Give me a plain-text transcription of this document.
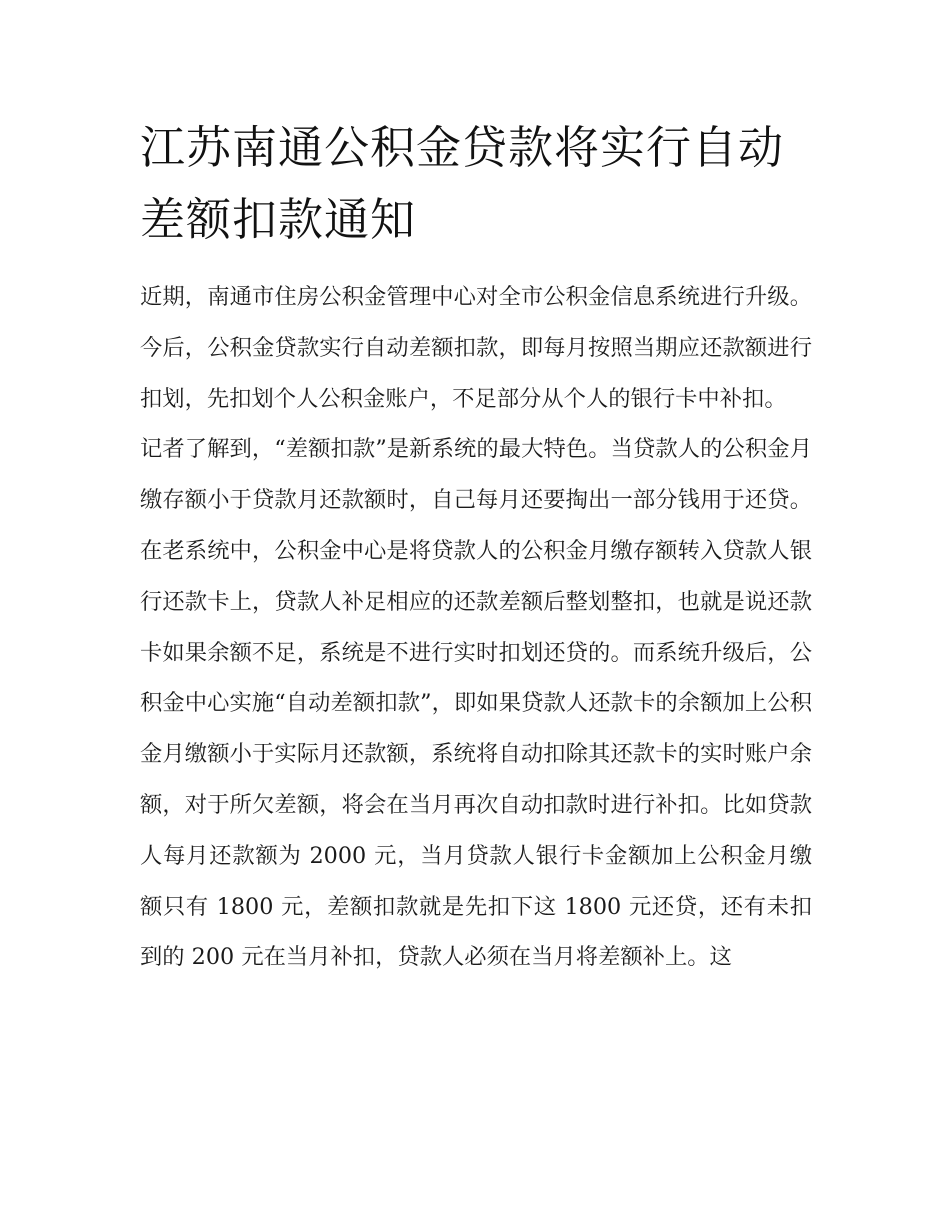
江苏南通公积金贷款将实行自动差额扣款通知

近期，南通市住房公积金管理中心对全市公积金信息系统进行升级。今后，公积金贷款实行自动差额扣款，即每月按照当期应还款额进行扣划，先扣划个人公积金账户，不足部分从个人的银行卡中补扣。

记者了解到，“差额扣款”是新系统的最大特色。当贷款人的公积金月缴存额小于贷款月还款额时，自己每月还要掏出一部分钱用于还贷。在老系统中，公积金中心是将贷款人的公积金月缴存额转入贷款人银行还款卡上，贷款人补足相应的还款差额后整划整扣，也就是说还款卡如果余额不足，系统是不进行实时扣划还贷的。而系统升级后，公积金中心实施“自动差额扣款”，即如果贷款人还款卡的余额加上公积金月缴额小于实际月还款额，系统将自动扣除其还款卡的实时账户余额，对于所欠差额，将会在当月再次自动扣款时进行补扣。比如贷款人每月还款额为 2000 元，当月贷款人银行卡金额加上公积金月缴额只有 1800 元，差额扣款就是先扣下这 1800 元还贷，还有未扣到的 200 元在当月补扣，贷款人必须在当月将差额补上。这
